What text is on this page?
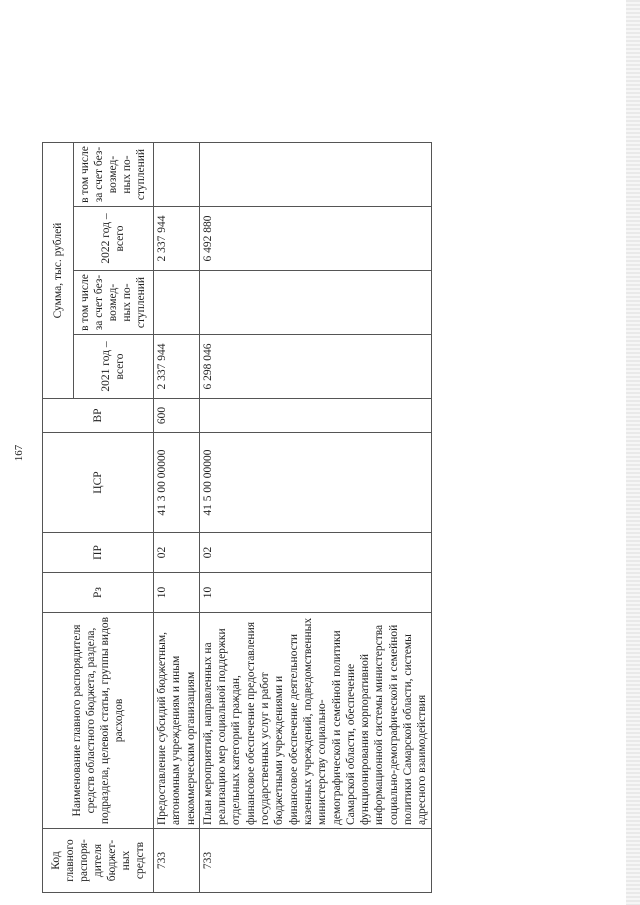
167
Код главного распоря-дителя бюджет-ных средств	Наименование главного распорядителя средств областного бюджета, раздела, подраздела, целевой статьи, группы видов расходов	Рз	ПР	ЦСР	ВР	Сумма, тыс. рублей			
						2021 год – всего	в том числе за счет без-возмед-ных по-ступлений	2022 год – всего	в том числе за счет без-возмед-ных по-ступлений
733	Предоставление субсидий бюджетным, автономным учреждениям и иным некоммерческим организациям	10	02	41 3 00 00000	600	2 337 944		2 337 944	
733	План мероприятий, направленных на реализацию мер социальной поддержки отдельных категорий граждан, финансовое обеспечение предоставления государственных услуг и работ бюджетными учреждениями и финансовое обеспечение деятельности казенных учреждений, подведомственных министерству социально-демографической и семейной политики Самарской области, обеспечение функционирования корпоративной информационной системы министерства социально-демографической и семейной политики Самарской области, системы адресного взаимодействия	10	02	41 5 00 00000		6 298 046		6 492 880	
